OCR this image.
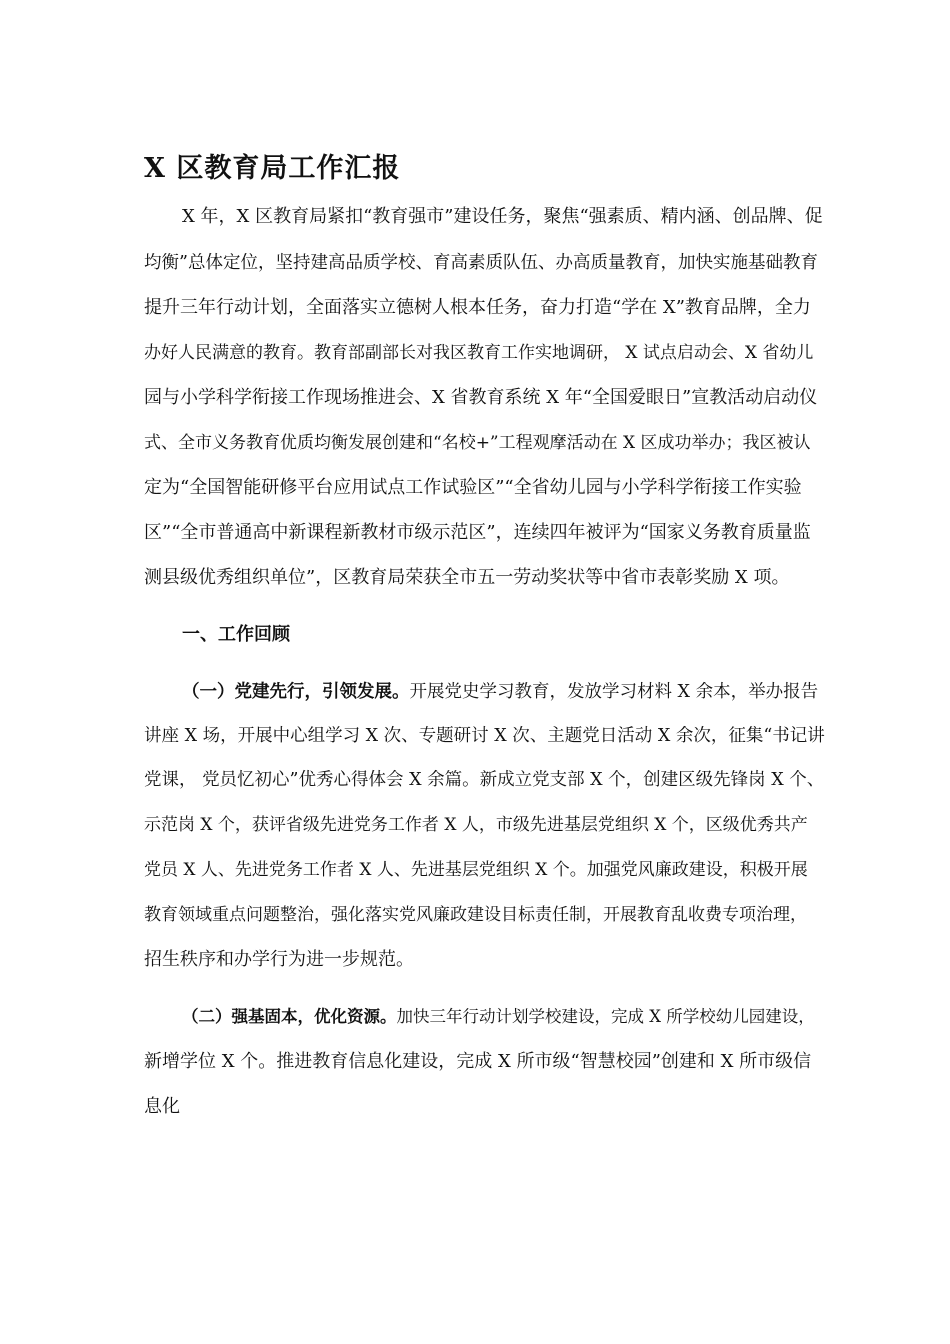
X 区教育局工作汇报
X 年，X 区教育局紧扣“教育强市”建设任务，聚焦“强素质、精内涵、创品牌、促
均衡”总体定位，坚持建高品质学校、育高素质队伍、办高质量教育，加快实施基础教育
提升三年行动计划，全面落实立德树人根本任务，奋力打造“学在 X”教育品牌，全力
办好人民满意的教育。教育部副部长对我区教育工作实地调研， X 试点启动会、X 省幼儿
园与小学科学衔接工作现场推进会、X 省教育系统 X 年“全国爱眼日”宣教活动启动仪
式、全市义务教育优质均衡发展创建和“名校+”工程观摩活动在 X 区成功举办；我区被认
定为“全国智能研修平台应用试点工作试验区”“全省幼儿园与小学科学衔接工作实验
区”“全市普通高中新课程新教材市级示范区”，连续四年被评为“国家义务教育质量监
测县级优秀组织单位”，区教育局荣获全市五一劳动奖状等中省市表彰奖励 X 项。
一、工作回顾
（一）党建先行，引领发展。开展党史学习教育，发放学习材料 X 余本，举办报告
讲座 X 场，开展中心组学习 X 次、专题研讨 X 次、主题党日活动 X 余次，征集“书记讲
党课， 党员忆初心”优秀心得体会 X 余篇。新成立党支部 X 个，创建区级先锋岗 X 个、
示范岗 X 个，获评省级先进党务工作者 X 人，市级先进基层党组织 X 个，区级优秀共产
党员 X 人、先进党务工作者 X 人、先进基层党组织 X 个。加强党风廉政建设，积极开展
教育领域重点问题整治，强化落实党风廉政建设目标责任制，开展教育乱收费专项治理，
招生秩序和办学行为进一步规范。
（二）强基固本，优化资源。加快三年行动计划学校建设，完成 X 所学校幼儿园建设，
新增学位 X 个。推进教育信息化建设，完成 X 所市级“智慧校园”创建和 X 所市级信
息化
